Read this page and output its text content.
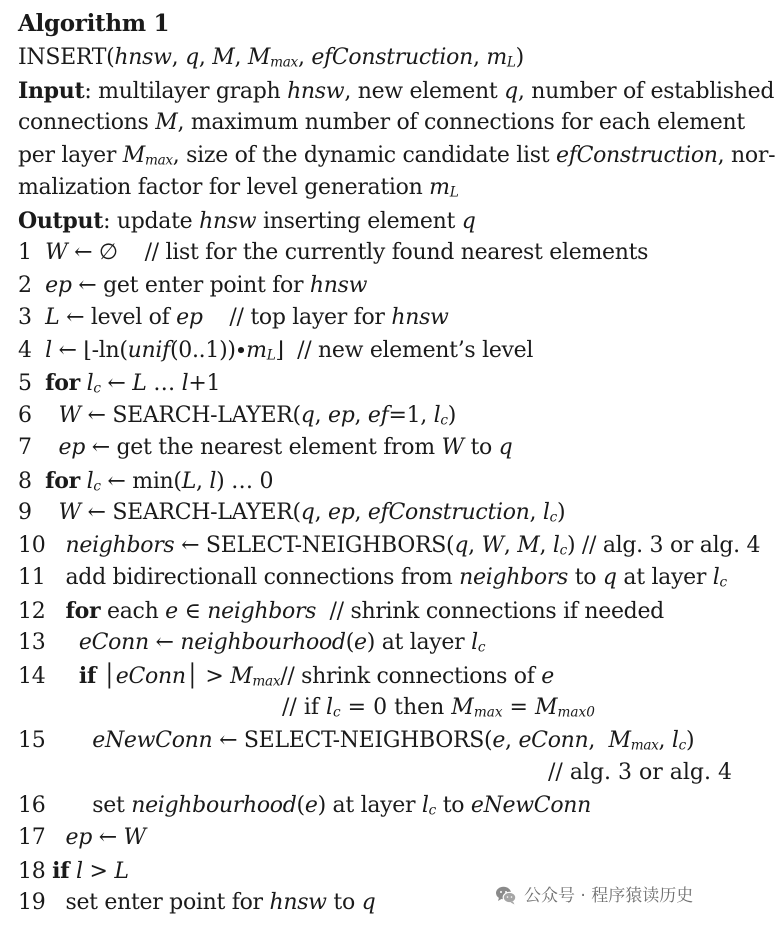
Algorithm 1
INSERT(hnsw, q, M, $M_{max}$, efConstruction, $m_L$)
Input: multilayer graph hnsw, new element q, number of established
connections M, maximum number of connections for each element
per layer $M_{max}$, size of the dynamic candidate list efConstruction, nor-
malization factor for level generation $m_L$
Output: update hnsw inserting element q
1  W ← ∅    // list for the currently found nearest elements
2  ep ← get enter point for hnsw
3  L ← level of ep    // top layer for hnsw
4  l ← $⌊-\ln(unif(0..1))\cdot m_L⌋$  // new element’s level
5  for $l_c$ ← L … l+1
6    W ← SEARCH-LAYER(q, ep, ef=1, $l_c$)
7    ep ← get the nearest element from W to q
8  for $l_c$ ← min(L, l) … 0
9    W ← SEARCH-LAYER(q, ep, efConstruction, $l_c$)
10   neighbors ← SELECT-NEIGHBORS(q, W, M, $l_c$) // alg. 3 or alg. 4
11   add bidirectionall connections from neighbors to q at layer $l_c$
12   for each e ∈ neighbors  // shrink connections if needed
13     eConn ← neighbourhood(e) at layer $l_c$
14     if │eConn│ > $M_{max}//$ shrink connections of e
// if $l_c = 0$ then $M_{max} = M_{max0}$
15       eNewConn ← SELECT-NEIGHBORS(e, eConn,  $M_{max}$, $l_c$)
// alg. 3 or alg. 4
16       set neighbourhood(e) at layer $l_c$ to eNewConn
17   ep ← W
18 if l > L
19   set enter point for hnsw to q	公众号 · 程序猿读历史
